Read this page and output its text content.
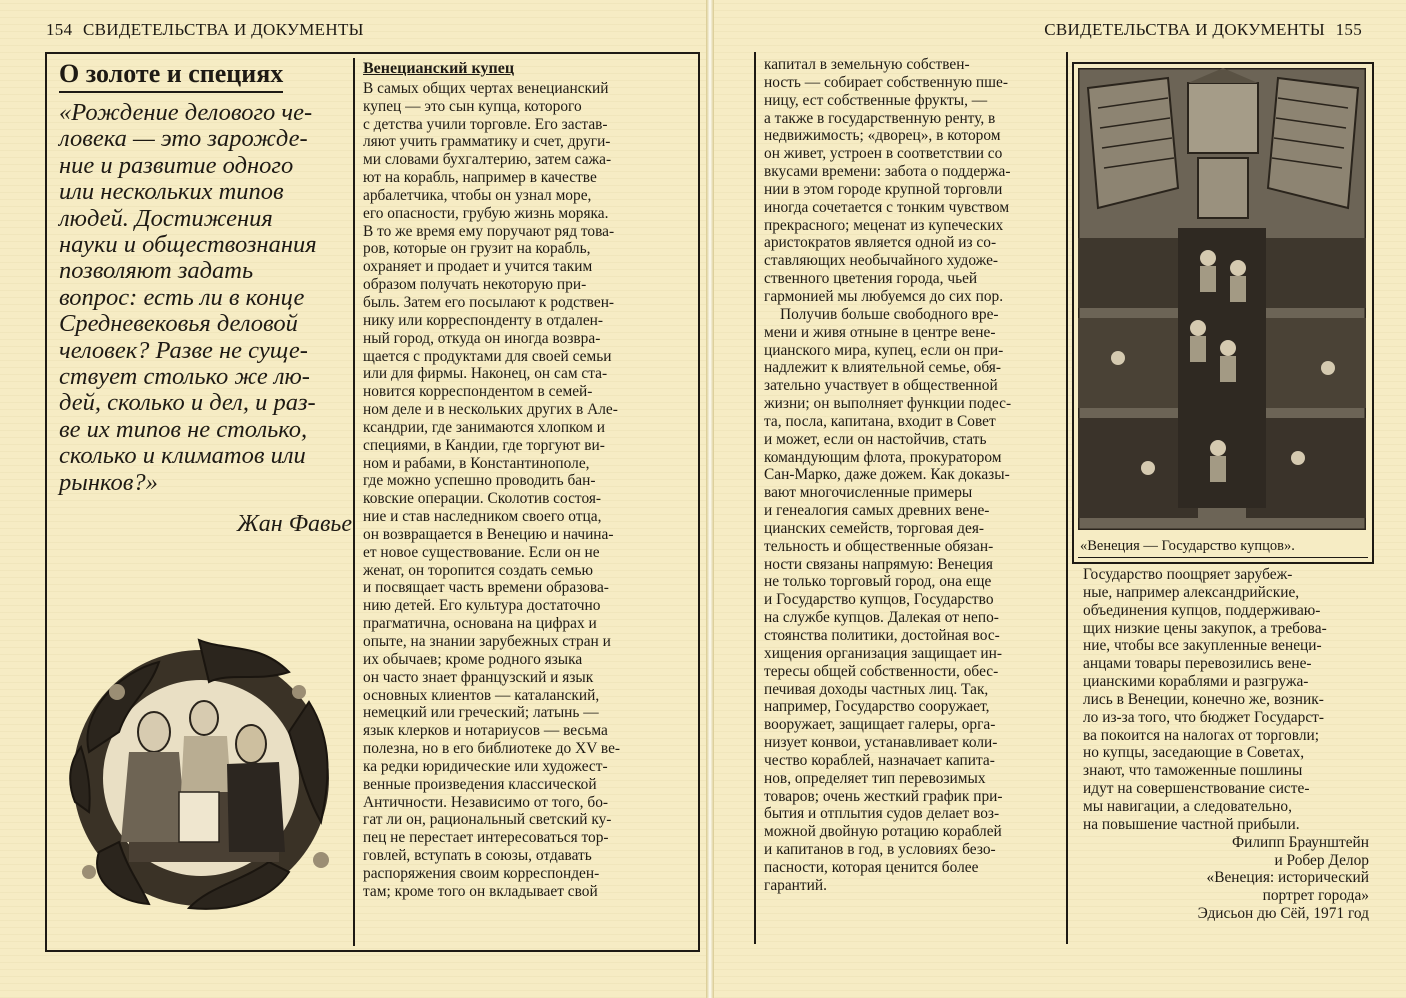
154 СВИДЕТЕЛЬСТВА И ДОКУМЕНТЫ
О золоте и специях
«Рождение делового че-
ловека — это зарожде-
ние и развитие одного
или нескольких типов
людей. Достижения
науки и обществознания
позволяют задать
вопрос: есть ли в конце
Средневековья деловой
человек? Разве не суще-
ствует столько же лю-
дей, сколько и дел, и раз-
ве их типов не столько,
сколько и климатов или
рынков?»
Жан Фавье
Венецианский купец
В самых общих чертах венецианский
купец — это сын купца, которого
с детства учили торговле. Его застав-
ляют учить грамматику и счет, други-
ми словами бухгалтерию, затем сажа-
ют на корабль, например в качестве
арбалетчика, чтобы он узнал море,
его опасности, грубую жизнь моряка.
В то же время ему поручают ряд това-
ров, которые он грузит на корабль,
охраняет и продает и учится таким
образом получать некоторую при-
быль. Затем его посылают к родствен-
нику или корреспонденту в отдален-
ный город, откуда он иногда возвра-
щается с продуктами для своей семьи
или для фирмы. Наконец, он сам ста-
новится корреспондентом в семей-
ном деле и в нескольких других в Але-
ксандрии, где занимаются хлопком и
специями, в Кандии, где торгуют ви-
ном и рабами, в Константинополе,
где можно успешно проводить бан-
ковские операции. Сколотив состоя-
ние и став наследником своего отца,
он возвращается в Венецию и начина-
ет новое существование. Если он не
женат, он торопится создать семью
и посвящает часть времени образова-
нию детей. Его культура достаточно
прагматична, основана на цифрах и
опыте, на знании зарубежных стран и
их обычаев; кроме родного языка
он часто знает французский и язык
основных клиентов — каталанский,
немецкий или греческий; латынь —
язык клерков и нотариусов — весьма
полезна, но в его библиотеке до XV ве-
ка редки юридические или художест-
венные произведения классической
Античности. Независимо от того, бо-
гат ли он, рациональный светский ку-
пец не перестает интересоваться тор-
говлей, вступать в союзы, отдавать
распоряжения своим корреспонден-
там; кроме того он вкладывает свой
СВИДЕТЕЛЬСТВА И ДОКУМЕНТЫ 155
капитал в земельную собствен-
ность — собирает собственную пше-
ницу, ест собственные фрукты, —
а также в государственную ренту, в
недвижимость; «дворец», в котором
он живет, устроен в соответствии со
вкусами времени: забота о поддержа-
нии в этом городе крупной торговли
иногда сочетается с тонким чувством
прекрасного; меценат из купеческих
аристократов является одной из со-
ставляющих необычайного художе-
ственного цветения города, чьей
гармонией мы любуемся до сих пор.
Получив больше свободного вре-
мени и живя отныне в центре вене-
цианского мира, купец, если он при-
надлежит к влиятельной семье, обя-
зательно участвует в общественной
жизни; он выполняет функции подес-
та, посла, капитана, входит в Совет
и может, если он настойчив, стать
командующим флота, прокуратором
Сан-Марко, даже дожем. Как доказы-
вают многочисленные примеры
и генеалогия самых древних вене-
цианских семейств, торговая дея-
тельность и общественные обязан-
ности связаны напрямую: Венеция
не только торговый город, она еще
и Государство купцов, Государство
на службе купцов. Далекая от непо-
стоянства политики, достойная вос-
хищения организация защищает ин-
тересы общей собственности, обес-
печивая доходы частных лиц. Так,
например, Государство сооружает,
вооружает, защищает галеры, орга-
низует конвои, устанавливает коли-
чество кораблей, назначает капита-
нов, определяет тип перевозимых
товаров; очень жесткий график при-
бытия и отплытия судов делает воз-
можной двойную ротацию кораблей
и капитанов в год, в условиях безо-
пасности, которая ценится более
гарантий.
«Венеция — Государство купцов».
Государство поощряет зарубеж-
ные, например александрийские,
объединения купцов, поддерживаю-
щих низкие цены закупок, а требова-
ние, чтобы все закупленные венеци-
анцами товары перевозились вене-
цианскими кораблями и разгружа-
лись в Венеции, конечно же, возник-
ло из-за того, что бюджет Государст-
ва покоится на налогах от торговли;
но купцы, заседающие в Советах,
знают, что таможенные пошлины
идут на совершенствование систе-
мы навигации, а следовательно,
на повышение частной прибыли.
Филипп Браунштейн
и Робер Делор
«Венеция: исторический
портрет города»
Эдисьон дю Сёй, 1971 год
